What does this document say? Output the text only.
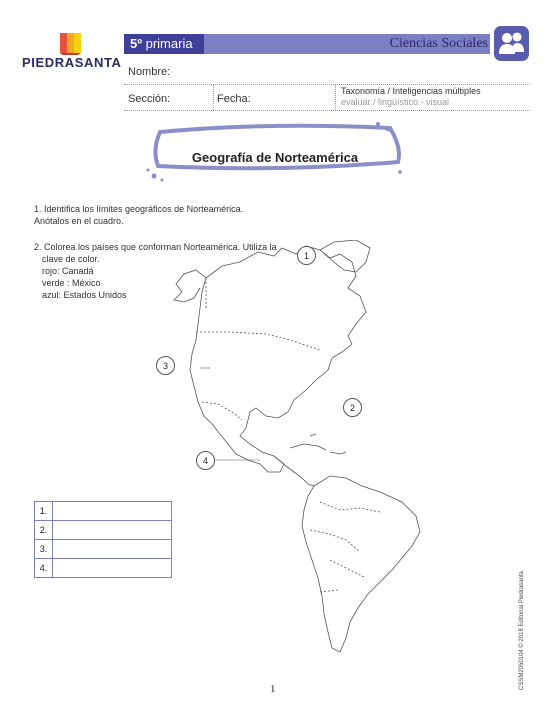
PIEDRASANTA
5º primaria	Ciencias Sociales
Nombre:
Sección:	Fecha:
Taxonomía / Inteligencias múltiples
evaluar / lingüístico - visual
Geografía de Norteamérica
1. Identifica los límites geográficos de Norteamérica.
Anótalos en el cuadro.
2. Colorea los países que conforman Norteamérica. Utiliza la
clave de color.
rojo: Canadá
verde : México
azul: Estados Unidos
1
2
3
4
1.	
2.	
3.	
4.	
CSSM2050104 © 2018 Editorial Piedrasanta
1
